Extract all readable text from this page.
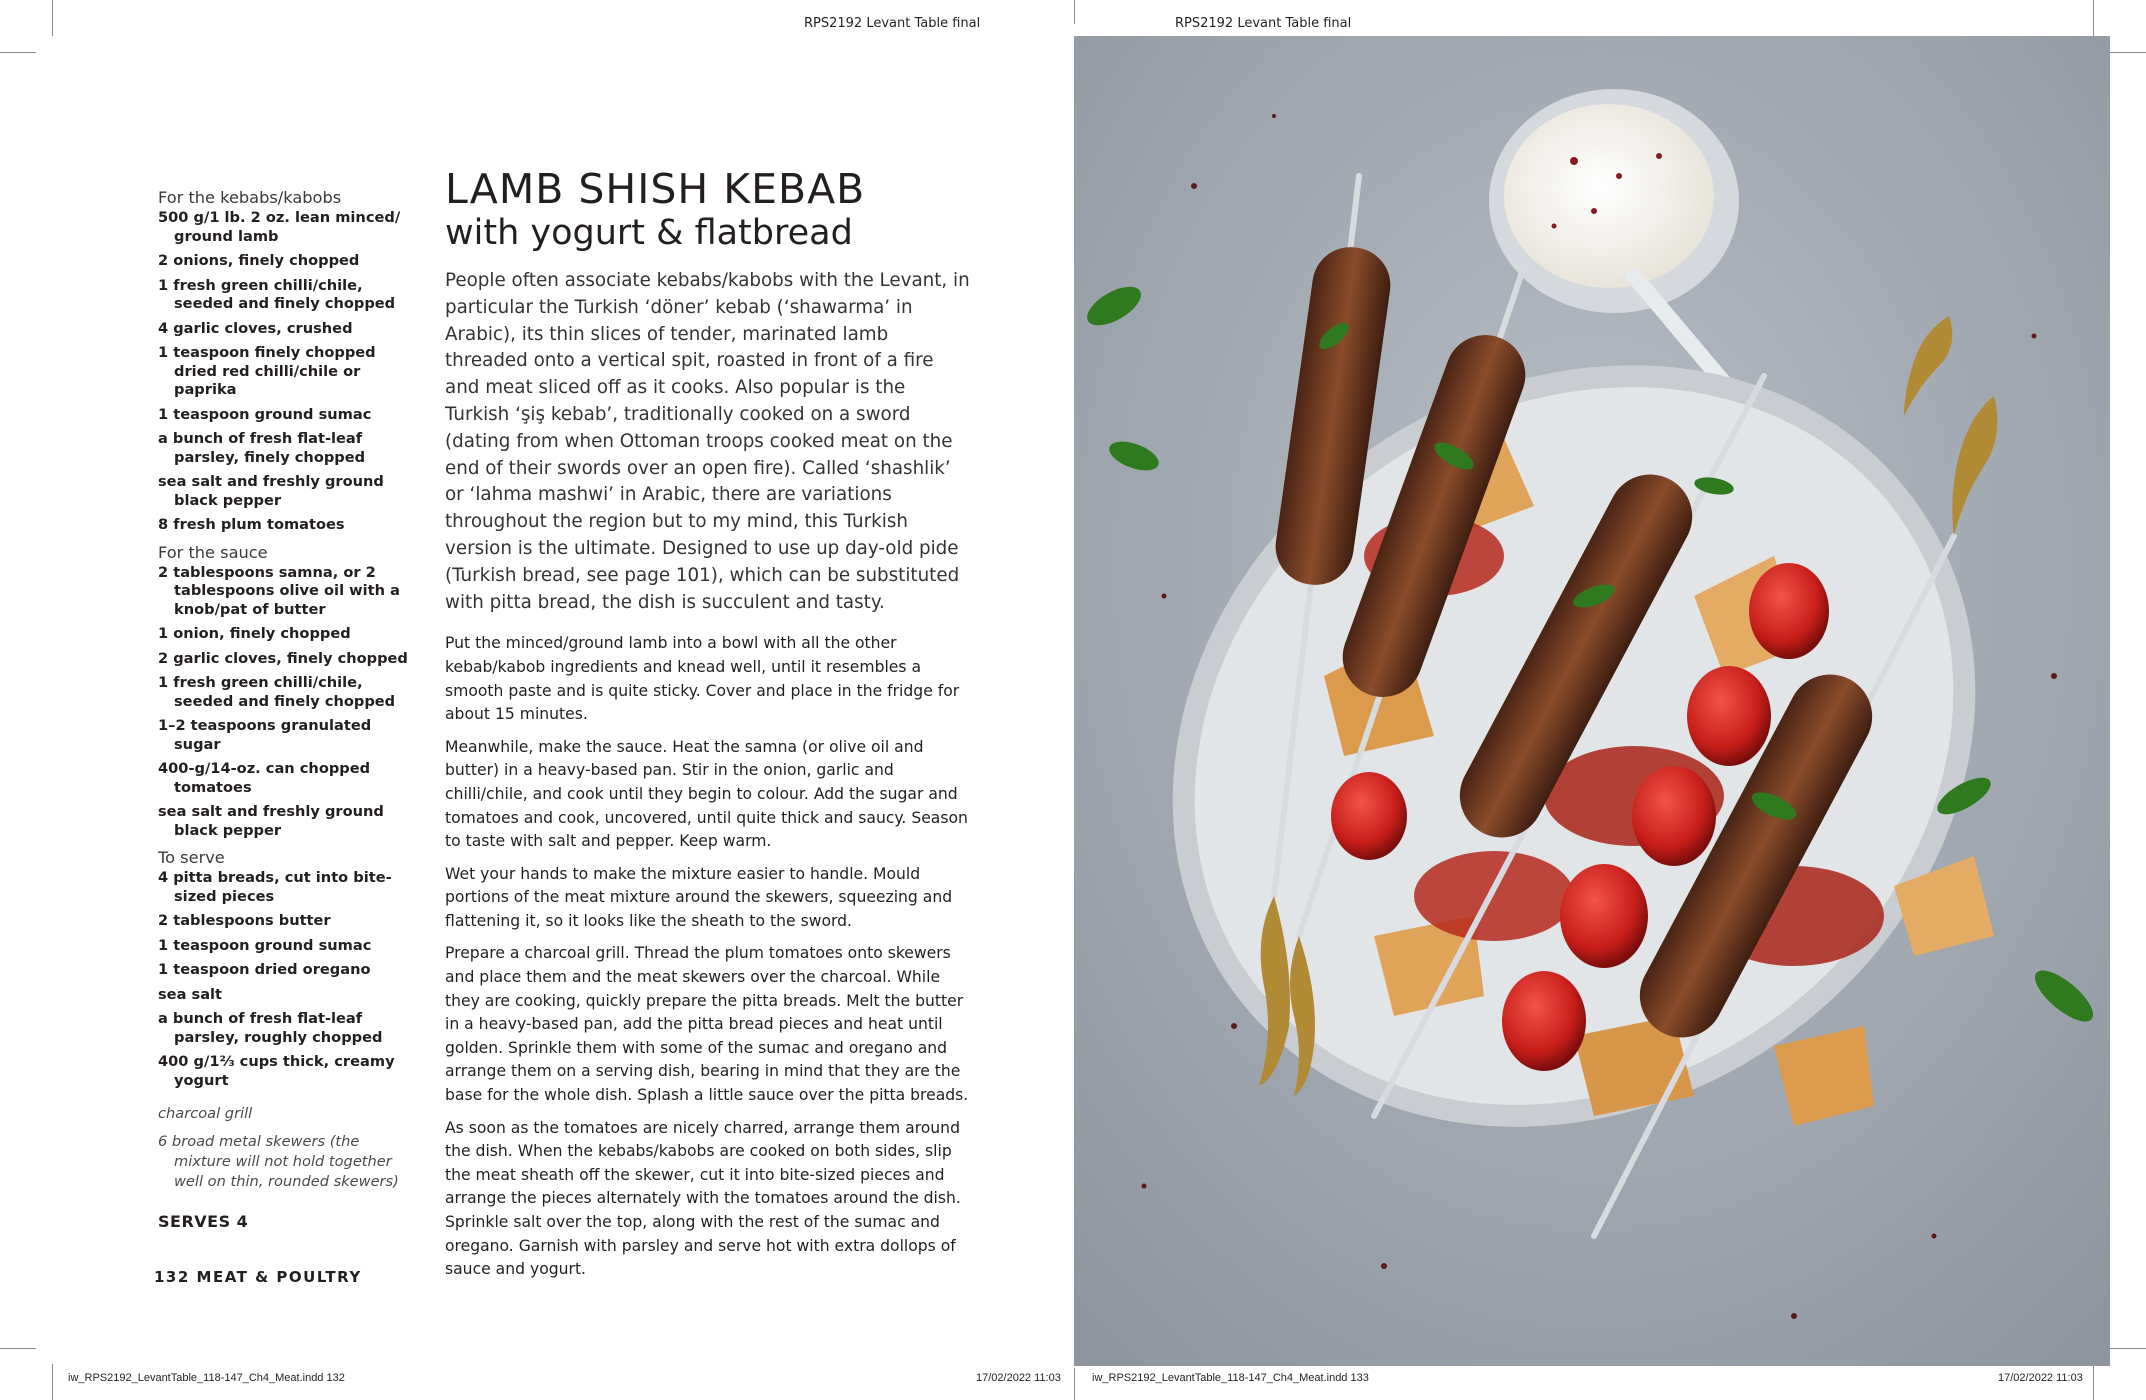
RPS2192 Levant Table final	RPS2192 Levant Table final
For the kebabs/kabobs
500 g/1 lb. 2 oz. lean minced/ ground lamb
2 onions, finely chopped
1 fresh green chilli/chile, seeded and finely chopped
4 garlic cloves, crushed
1 teaspoon finely chopped dried red chilli/chile or paprika
1 teaspoon ground sumac
a bunch of fresh flat-leaf parsley, finely chopped
sea salt and freshly ground black pepper
8 fresh plum tomatoes
For the sauce
2 tablespoons samna, or 2 tablespoons olive oil with a knob/pat of butter
1 onion, finely chopped
2 garlic cloves, finely chopped
1 fresh green chilli/chile, seeded and finely chopped
1–2 teaspoons granulated sugar
400-g/14-oz. can chopped tomatoes
sea salt and freshly ground black pepper
To serve
4 pitta breads, cut into bite-sized pieces
2 tablespoons butter
1 teaspoon ground sumac
1 teaspoon dried oregano
sea salt
a bunch of fresh flat-leaf parsley, roughly chopped
400 g/1⅔ cups thick, creamy yogurt
charcoal grill
6 broad metal skewers (the mixture will not hold together well on thin, rounded skewers)
SERVES 4
132 MEAT & POULTRY
LAMB SHISH KEBAB
with yogurt & flatbread

People often associate kebabs/kabobs with the Levant, in particular the Turkish ‘döner’ kebab (‘shawarma’ in Arabic), its thin slices of tender, marinated lamb threaded onto a vertical spit, roasted in front of a fire and meat sliced off as it cooks. Also popular is the Turkish ‘şiş kebab’, traditionally cooked on a sword (dating from when Ottoman troops cooked meat on the end of their swords over an open fire). Called ‘shashlik’ or ‘lahma mashwi’ in Arabic, there are variations throughout the region but to my mind, this Turkish version is the ultimate. Designed to use up day-old pide (Turkish bread, see page 101), which can be substituted with pitta bread, the dish is succulent and tasty.

Put the minced/ground lamb into a bowl with all the other kebab/kabob ingredients and knead well, until it resembles a smooth paste and is quite sticky. Cover and place in the fridge for about 15 minutes.

Meanwhile, make the sauce. Heat the samna (or olive oil and butter) in a heavy-based pan. Stir in the onion, garlic and chilli/chile, and cook until they begin to colour. Add the sugar and tomatoes and cook, uncovered, until quite thick and saucy. Season to taste with salt and pepper. Keep warm.

Wet your hands to make the mixture easier to handle. Mould portions of the meat mixture around the skewers, squeezing and flattening it, so it looks like the sheath to the sword.

Prepare a charcoal grill. Thread the plum tomatoes onto skewers and place them and the meat skewers over the charcoal. While they are cooking, quickly prepare the pitta breads. Melt the butter in a heavy-based pan, add the pitta bread pieces and heat until golden. Sprinkle them with some of the sumac and oregano and arrange them on a serving dish, bearing in mind that they are the base for the whole dish. Splash a little sauce over the pitta breads.

As soon as the tomatoes are nicely charred, arrange them around the dish. When the kebabs/kabobs are cooked on both sides, slip the meat sheath off the skewer, cut it into bite-sized pieces and arrange the pieces alternately with the tomatoes around the dish. Sprinkle salt over the top, along with the rest of the sumac and oregano. Garnish with parsley and serve hot with extra dollops of sauce and yogurt.

iw_RPS2192_LevantTable_118-147_Ch4_Meat.indd 132	17/02/2022 11:03	iw_RPS2192_LevantTable_118-147_Ch4_Meat.indd 133	17/02/2022 11:03
